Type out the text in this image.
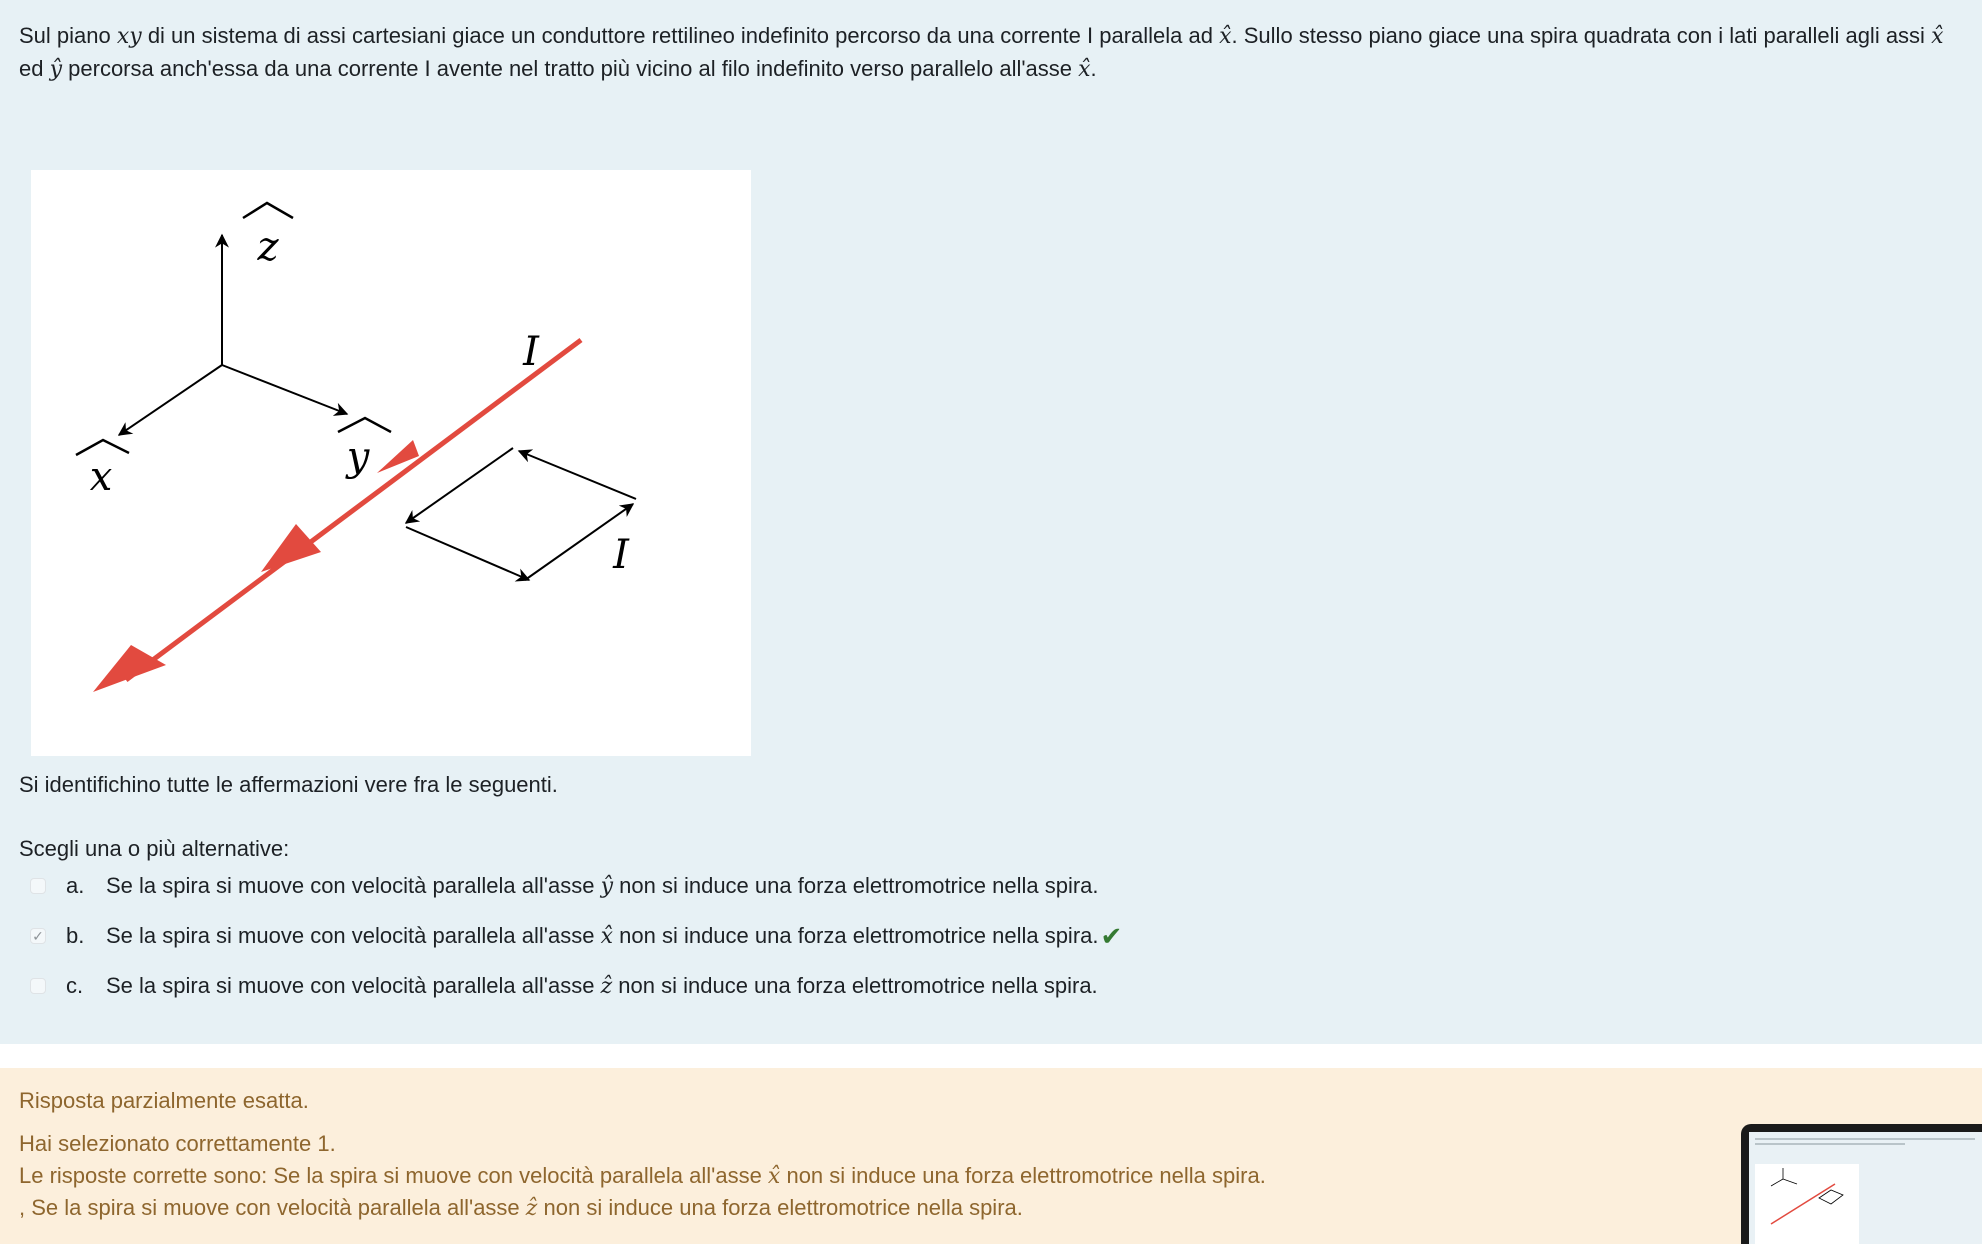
Sul piano xy di un sistema di assi cartesiani giace un conduttore rettilineo indefinito percorso da una corrente I parallela ad x̂. Sullo stesso piano giace una spira quadrata con i lati paralleli agli assi x̂ ed ŷ percorsa anch'essa da una corrente I avente nel tratto più vicino al filo indefinito verso parallelo all'asse x̂.
z
x	y
I
I
Si identifichino tutte le affermazioni vere fra le seguenti.
Scegli una o più alternative:
a. Se la spira si muove con velocità parallela all'asse
ŷ
non si induce una forza elettromotrice nella spira.
✓ b. Se la spira si muove con velocità parallela all'asse
x̂
non si induce una forza elettromotrice nella spira. ✔
c.	Se la spira si muove con velocità parallela all'asse
ẑ
non si induce una forza elettromotrice nella spira.
Risposta parzialmente esatta.
Hai selezionato correttamente 1.
Le risposte corrette sono: Se la spira si muove con velocità parallela all'asse x̂ non si induce una forza elettromotrice nella spira.
, Se la spira si muove con velocità parallela all'asse ẑ non si induce una forza elettromotrice nella spira.
